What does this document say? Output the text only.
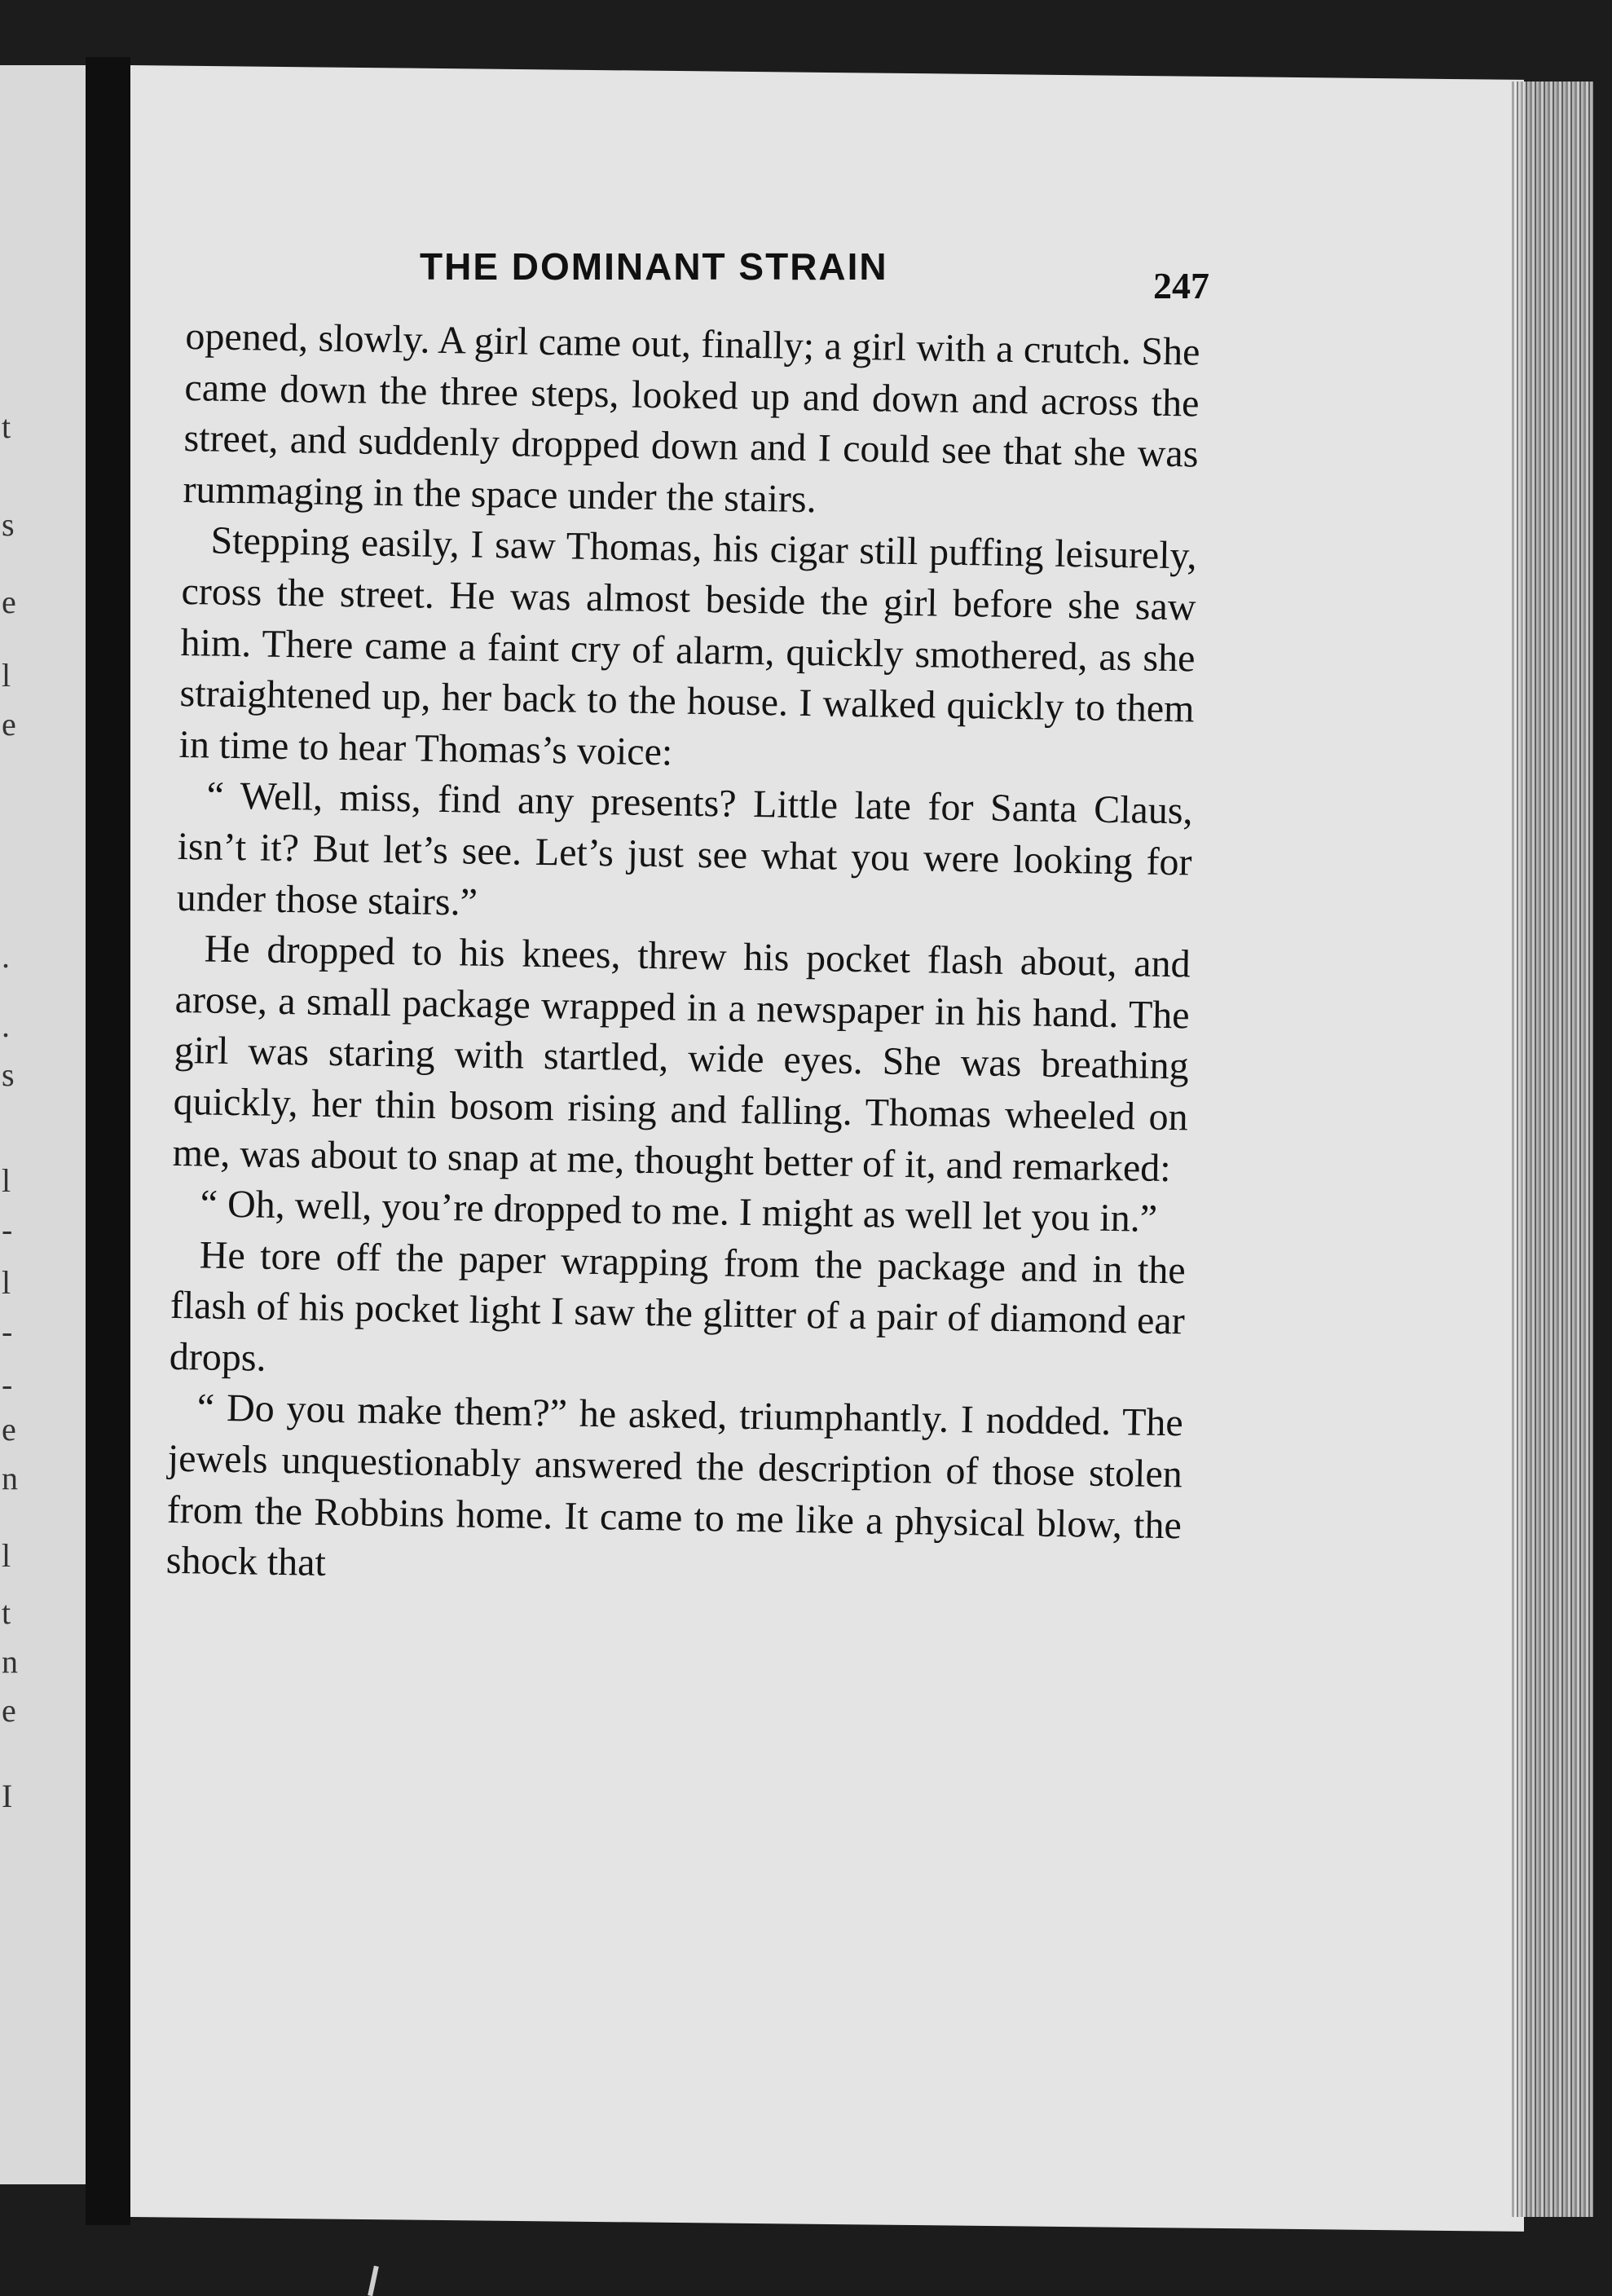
t
s
e
l
e
.
.
s
l
-
l
-
-
e
n
l
t
n
e
I
THE DOMINANT STRAIN	247

opened, slowly. A girl came out, finally; a girl with a crutch. She came down the three steps, looked up and down and across the street, and suddenly dropped down and I could see that she was rummaging in the space under the stairs.

Stepping easily, I saw Thomas, his cigar still puffing leisurely, cross the street. He was almost beside the girl before she saw him. There came a faint cry of alarm, quickly smothered, as she straightened up, her back to the house. I walked quickly to them in time to hear Thomas’s voice:

“ Well, miss, find any presents? Little late for Santa Claus, isn’t it? But let’s see. Let’s just see what you were looking for under those stairs.”

He dropped to his knees, threw his pocket flash about, and arose, a small package wrapped in a newspaper in his hand. The girl was staring with startled, wide eyes. She was breathing quickly, her thin bosom rising and falling. Thomas wheeled on me, was about to snap at me, thought better of it, and remarked:

“ Oh, well, you’re dropped to me. I might as well let you in.”

He tore off the paper wrapping from the package and in the flash of his pocket light I saw the glitter of a pair of diamond ear drops.

“ Do you make them?” he asked, triumphantly. I nodded. The jewels unquestionably answered the description of those stolen from the Robbins home. It came to me like a physical blow, the shock that
